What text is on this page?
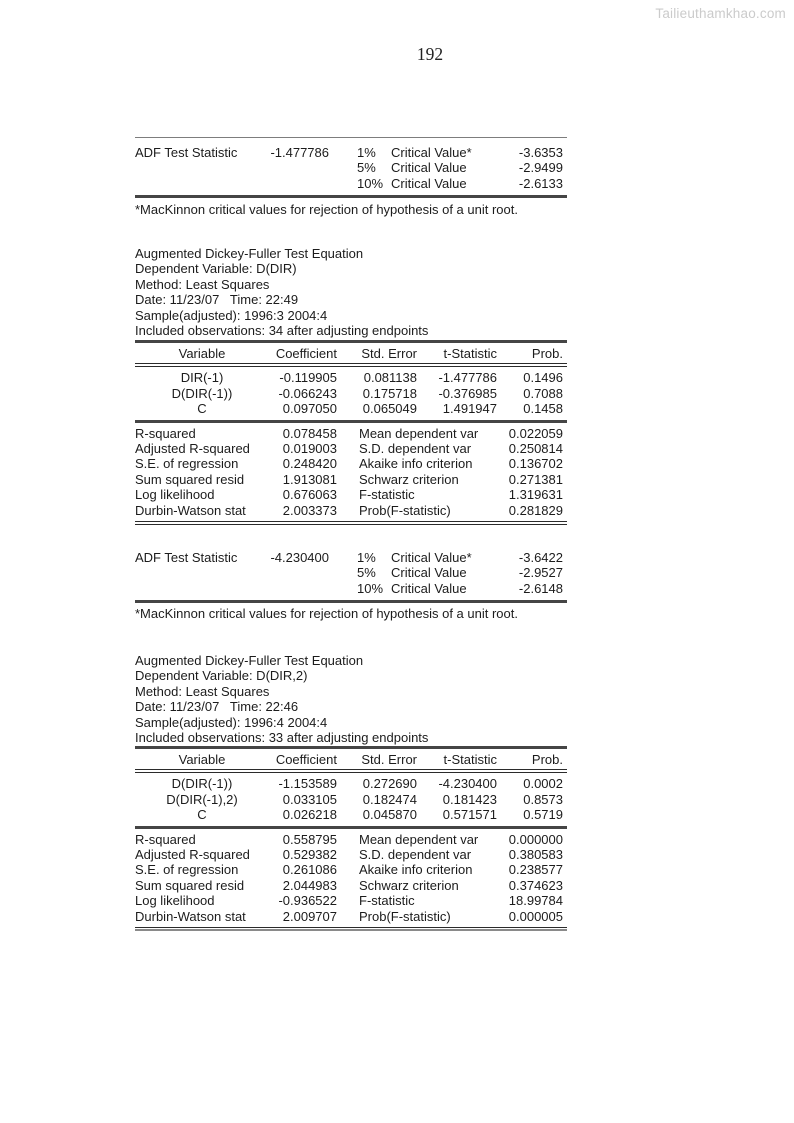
Tailieuthamkhao.com
192
ADF Test Statistic	-1.477786 1%	Critical Value*	-3.6353
5%	Critical Value	-2.9499
10% Critical Value	-2.6133
*MacKinnon critical values for rejection of hypothesis of a unit root.
Augmented Dickey-Fuller Test Equation
Dependent Variable: D(DIR)
Method: Least Squares
Date: 11/23/07   Time: 22:49
Sample(adjusted): 1996:3 2004:4
Included observations: 34 after adjusting endpoints
Variable	Coefficient	Std. Error	t-Statistic	Prob.
DIR(-1)	-0.119905	0.081138	-1.477786	0.1496
D(DIR(-1))	-0.066243	0.175718	-0.376985	0.7088
C	0.097050	0.065049	1.491947	0.1458
R-squared	0.078458 Mean dependent var	0.022059
Adjusted R-squared	0.019003 S.D. dependent var	0.250814
S.E. of regression	0.248420 Akaike info criterion	0.136702
Sum squared resid	1.913081 Schwarz criterion	0.271381
Log likelihood	0.676063 F-statistic	1.319631
Durbin-Watson stat	2.003373 Prob(F-statistic)	0.281829
ADF Test Statistic	-4.230400 1%	Critical Value*	-3.6422
5%	Critical Value	-2.9527
10% Critical Value	-2.6148
*MacKinnon critical values for rejection of hypothesis of a unit root.
Augmented Dickey-Fuller Test Equation
Dependent Variable: D(DIR,2)
Method: Least Squares
Date: 11/23/07   Time: 22:46
Sample(adjusted): 1996:4 2004:4
Included observations: 33 after adjusting endpoints
Variable	Coefficient	Std. Error	t-Statistic	Prob.
D(DIR(-1))	-1.153589	0.272690	-4.230400	0.0002
D(DIR(-1),2)	0.033105	0.182474	0.181423	0.8573
C	0.026218	0.045870	0.571571	0.5719
R-squared	0.558795 Mean dependent var	0.000000
Adjusted R-squared	0.529382 S.D. dependent var	0.380583
S.E. of regression	0.261086 Akaike info criterion	0.238577
Sum squared resid	2.044983 Schwarz criterion	0.374623
Log likelihood	-0.936522 F-statistic	18.99784
Durbin-Watson stat	2.009707 Prob(F-statistic)	0.000005
